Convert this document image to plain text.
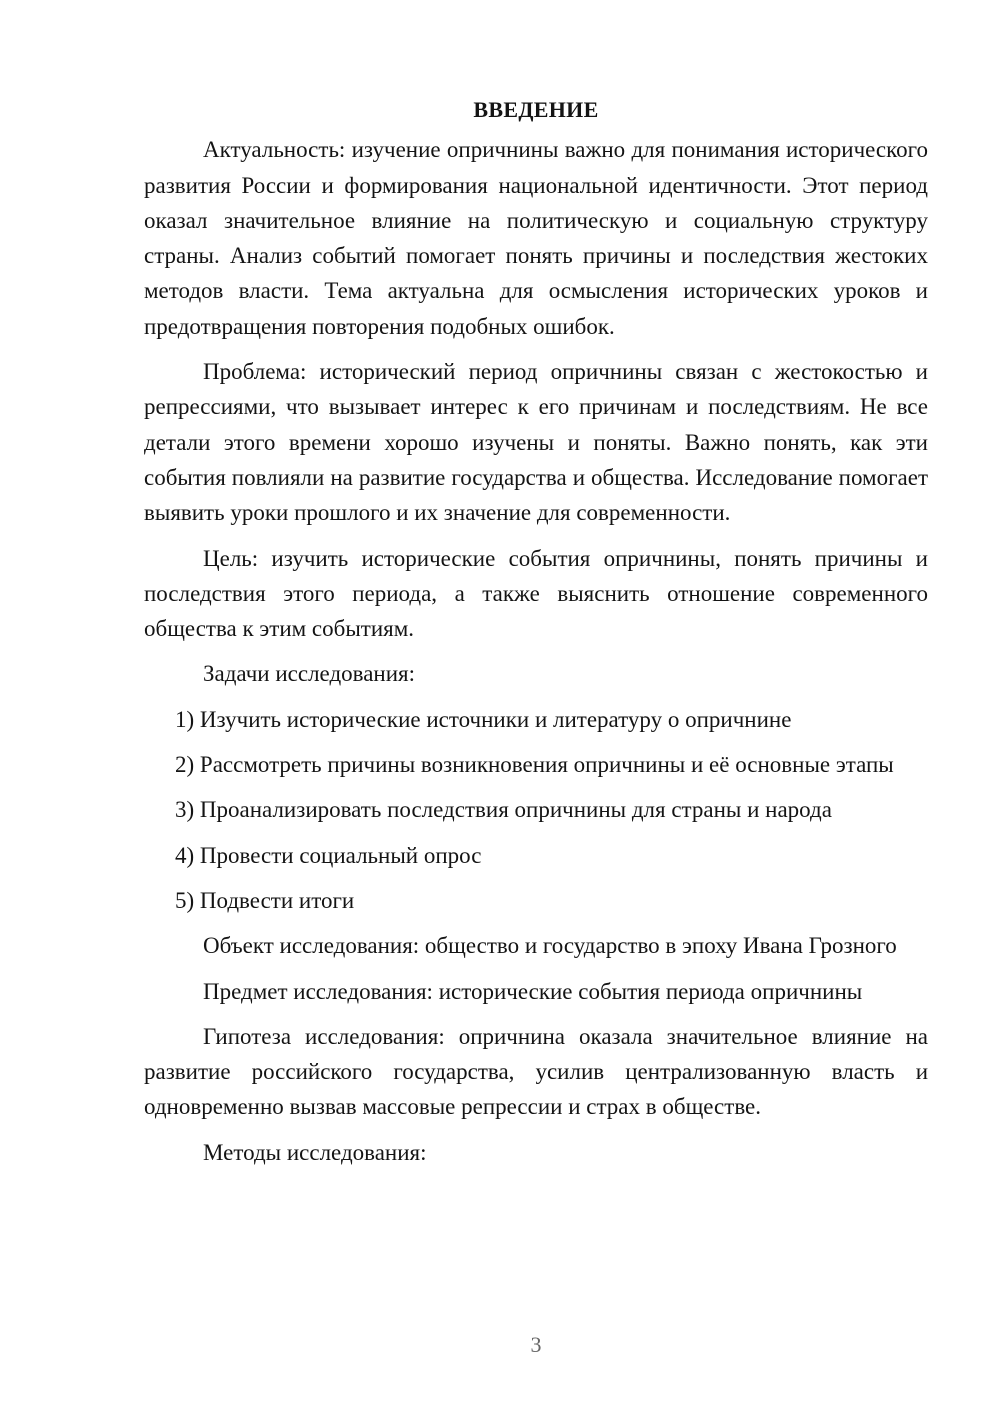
ВВЕДЕНИЕ

Актуальность: изучение опричнины важно для понимания исторического развития России и формирования национальной идентичности. Этот период оказал значительное влияние на политическую и социальную структуру страны. Анализ событий помогает понять причины и последствия жестоких методов власти. Тема актуальна для осмысления исторических уроков и предотвращения повторения подобных ошибок.

Проблема: исторический период опричнины связан с жестокостью и репрессиями, что вызывает интерес к его причинам и последствиям. Не все детали этого времени хорошо изучены и поняты. Важно понять, как эти события повлияли на развитие государства и общества. Исследование помогает выявить уроки прошлого и их значение для современности.

Цель: изучить исторические события опричнины, понять причины и последствия этого периода, а также выяснить отношение современного общества к этим событиям.

Задачи исследования:

1) Изучить исторические источники и литературу о опричнине

2) Рассмотреть причины возникновения опричнины и её основные этапы

3) Проанализировать последствия опричнины для страны и народа

4) Провести социальный опрос

5) Подвести итоги

Объект исследования: общество и государство в эпоху Ивана Грозного

Предмет исследования: исторические события периода опричнины

Гипотеза исследования: опричнина оказала значительное влияние на развитие российского государства, усилив централизованную власть и одновременно вызвав массовые репрессии и страх в обществе.

Методы исследования:

3
